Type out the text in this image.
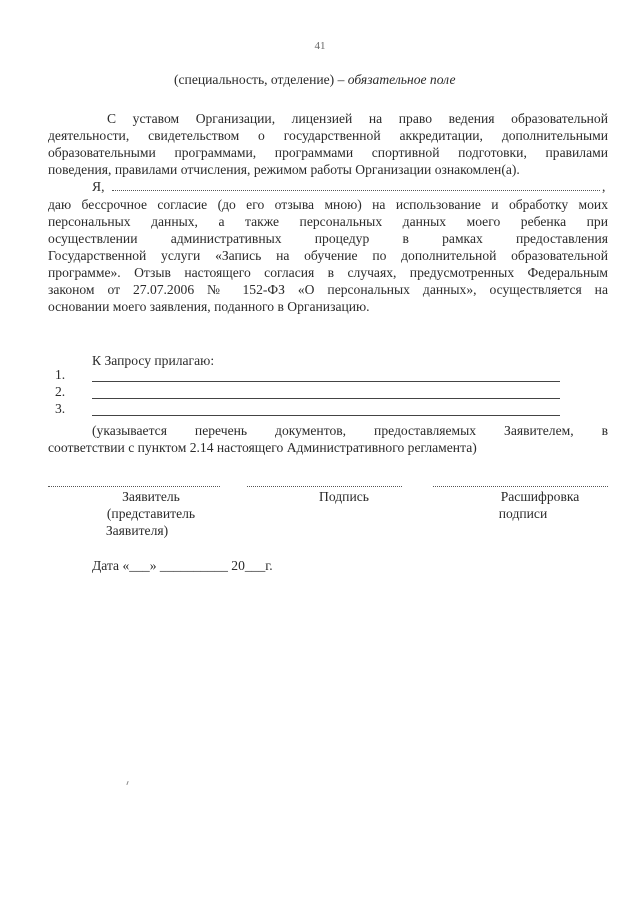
41
(специальность, отделение) – обязательное поле
С уставом Организации, лицензией на право ведения образовательной
деятельности, свидетельством о государственной аккредитации, дополнительными
образовательными программами, программами спортивной подготовки, правилами
поведения, правилами отчисления, режимом работы Организации ознакомлен(а).
Я,	,
даю бессрочное согласие (до его отзыва мною) на использование и обработку моих
персональных данных, а также персональных данных моего ребенка при
осуществлении административных процедур в рамках предоставления
Государственной услуги «Запись на обучение по дополнительной образовательной
программе». Отзыв настоящего согласия в случаях, предусмотренных Федеральным
законом от 27.07.2006 № 152-ФЗ «О персональных данных», осуществляется на
основании моего заявления, поданного в Организацию.
К Запросу прилагаю:
1.
2.
3.
(указывается перечень документов, предоставляемых Заявителем, в
соответствии с пунктом 2.14 настоящего Административного регламента)
Заявитель
(представитель
Заявителя)
Подпись	Расшифровка
подписи
Дата «___» __________ 20___г.
